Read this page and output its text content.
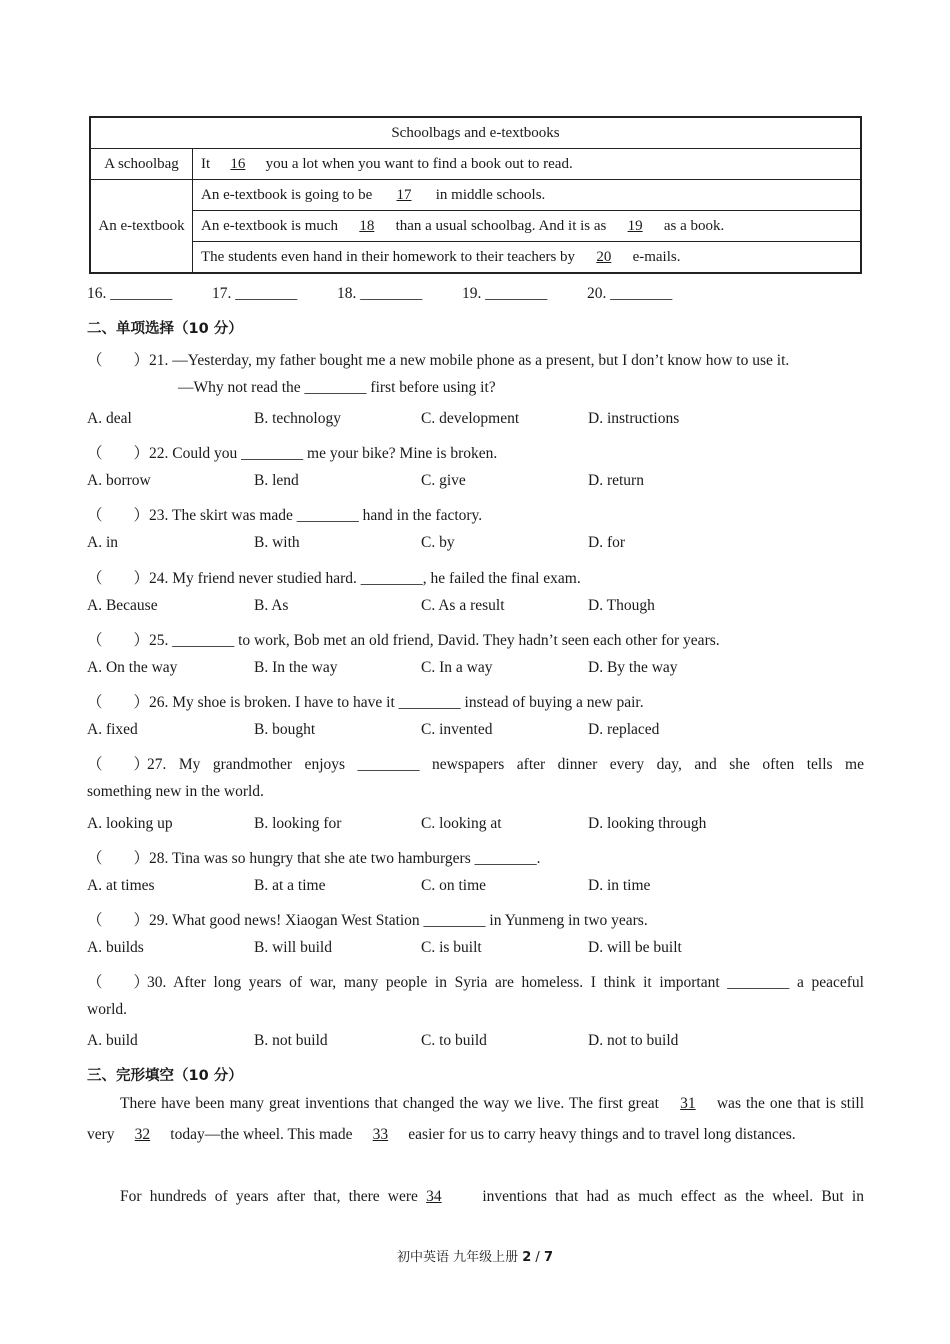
Schoolbags and e-textbooks	
A schoolbag	It 16 you a lot when you want to find a book out to read.
An e-textbook	An e-textbook is going to be 17 in middle schools.
	An e-textbook is much 18 than a usual schoolbag. And it is as 19 as a book.
	The students even hand in their homework to their teachers by 20 e-mails.
16. ________	17. ________	18. ________	19. ________	20. ________
二、单项选择（10 分）
（　　）21. —Yesterday, my father bought me a new mobile phone as a present, but I don’t know how to use it.
—Why not read the ________ first before using it?
A. deal	B. technology	C. development	D. instructions
（　　）22. Could you ________ me your bike? Mine is broken.
A. borrow	B. lend	C. give	D. return
（　　）23. The skirt was made ________ hand in the factory.
A. in	B. with	C. by	D. for
（　　）24. My friend never studied hard. ________, he failed the final exam.
A. Because	B. As	C. As a result	D. Though
（　　）25. ________ to work, Bob met an old friend, David. They hadn’t seen each other for years.
A. On the way	B. In the way	C. In a way	D. By the way
（　　）26. My shoe is broken. I have to have it ________ instead of buying a new pair.
A. fixed	B. bought	C. invented	D. replaced
（　　）27. My grandmother enjoys ________ newspapers after dinner every day, and she often tells me
something new in the world.
A. looking up	B. looking for	C. looking at	D. looking through
（　　）28. Tina was so hungry that she ate two hamburgers ________.
A. at times	B. at a time	C. on time	D. in time
（　　）29. What good news! Xiaogan West Station ________ in Yunmeng in two years.
A. builds	B. will build	C. is built	D. will be built
（　　）30. After long years of war, many people in Syria are homeless. I think it important ________ a peaceful
world.
A. build	B. not build	C. to build	D. not to build
三、完形填空（10 分）
There have been many great inventions that changed the way we live. The first great 31 was the one that is still very 32 today—the wheel. This made 33 easier for us to carry heavy things and to travel long distances.
For hundreds of years after that, there were 34 inventions that had as much effect as the wheel. But in
初中英语 九年级上册 2 / 7
